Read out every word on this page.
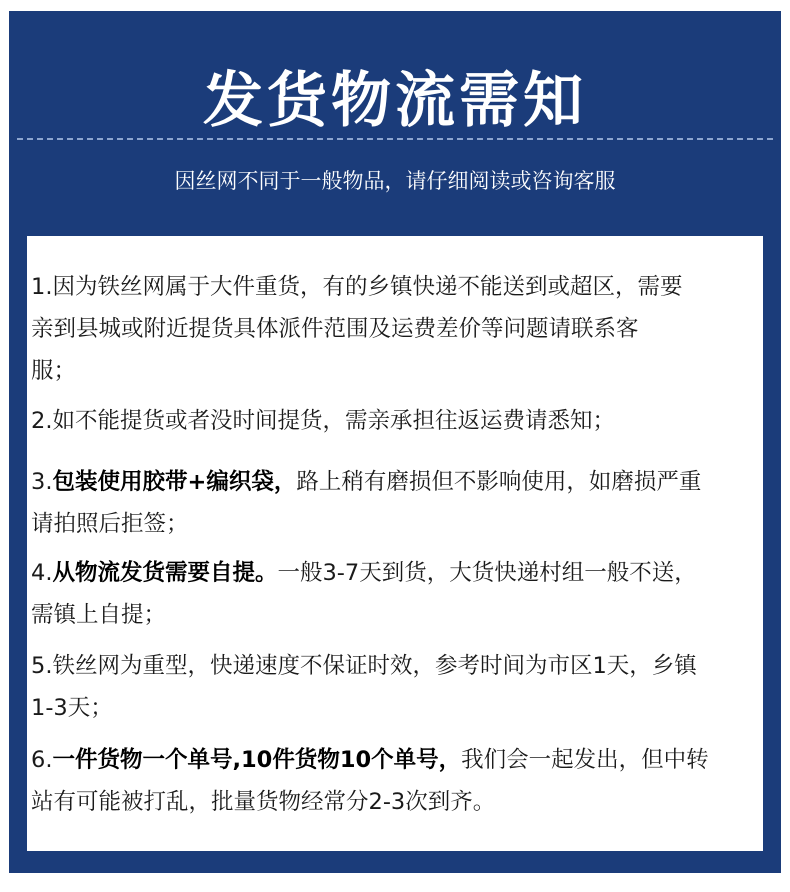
发货物流需知
因丝网不同于一般物品，请仔细阅读或咨询客服
1.因为铁丝网属于大件重货，有的乡镇快递不能送到或超区，需要
亲到县城或附近提货具体派件范围及运费差价等问题请联系客
服；
2.如不能提货或者没时间提货，需亲承担往返运费请悉知；
3.包装使用胶带+编织袋，路上稍有磨损但不影响使用，如磨损严重
请拍照后拒签；
4.从物流发货需要自提。一般3-7天到货，大货快递村组一般不送，
需镇上自提；
5.铁丝网为重型，快递速度不保证时效，参考时间为市区1天，乡镇
1-3天；
6.一件货物一个单号,10件货物10个单号，我们会一起发出，但中转
站有可能被打乱，批量货物经常分2-3次到齐。
